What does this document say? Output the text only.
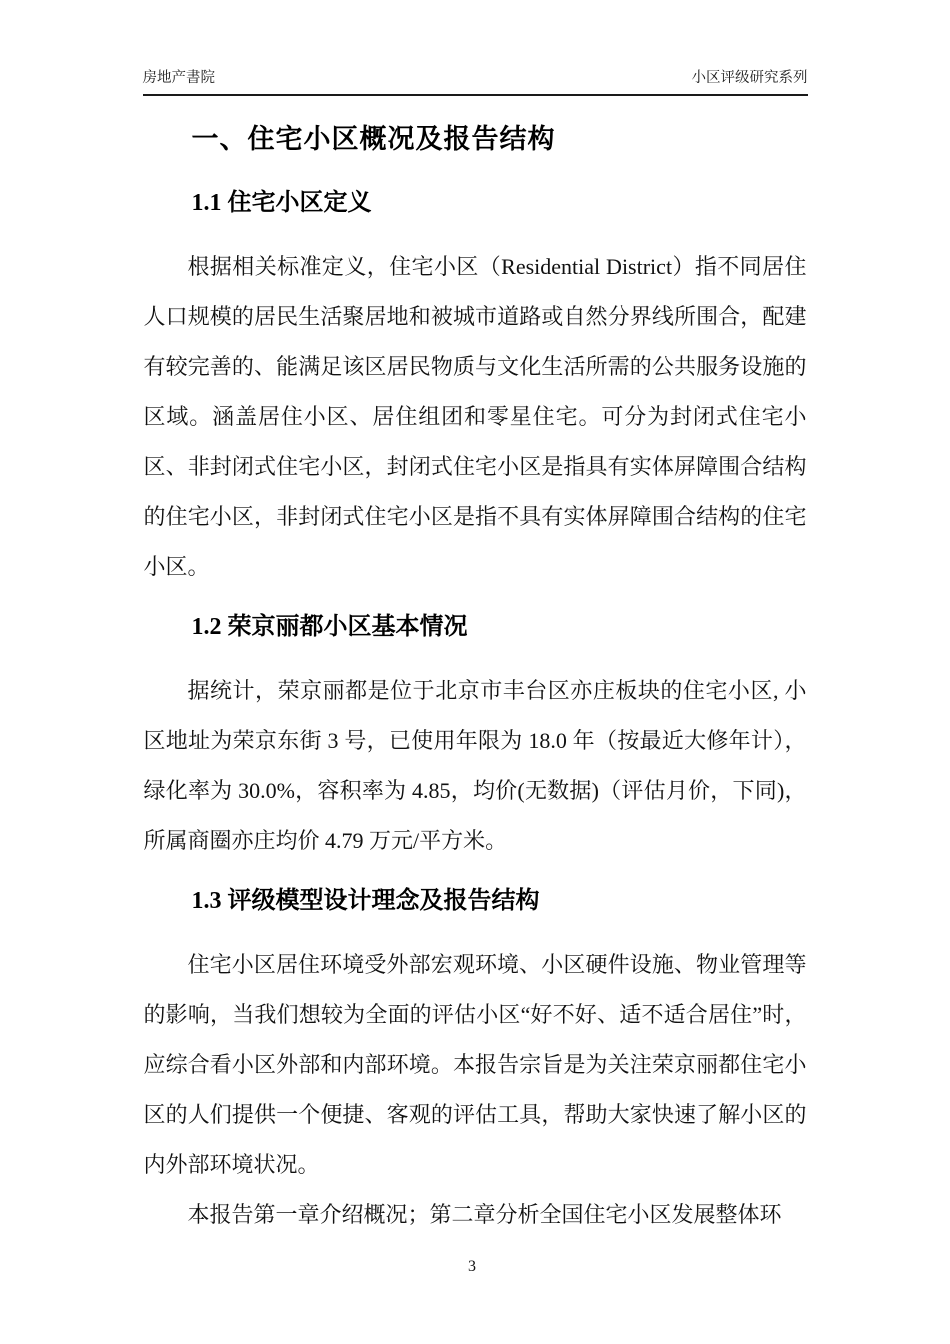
房地产書院	小区评级研究系列
一、住宅小区概况及报告结构
1.1 住宅小区定义

根据相关标准定义，住宅小区（Residential District）指不同居住人口规模的居民生活聚居地和被城市道路或自然分界线所围合，配建有较完善的、能满足该区居民物质与文化生活所需的公共服务设施的区域。涵盖居住小区、居住组团和零星住宅。可分为封闭式住宅小区、非封闭式住宅小区，封闭式住宅小区是指具有实体屏障围合结构的住宅小区，非封闭式住宅小区是指不具有实体屏障围合结构的住宅小区。

1.2 荣京丽都小区基本情况

据统计，荣京丽都是位于北京市丰台区亦庄板块的住宅小区, 小区地址为荣京东街 3 号，已使用年限为 18.0 年（按最近大修年计），绿化率为 30.0%，容积率为 4.85，均价(无数据)（评估月价，下同)，所属商圈亦庄均价 4.79 万元/平方米。

1.3 评级模型设计理念及报告结构

住宅小区居住环境受外部宏观环境、小区硬件设施、物业管理等的影响，当我们想较为全面的评估小区“好不好、适不适合居住”时，应综合看小区外部和内部环境。本报告宗旨是为关注荣京丽都住宅小区的人们提供一个便捷、客观的评估工具，帮助大家快速了解小区的内外部环境状况。

本报告第一章介绍概况；第二章分析全国住宅小区发展整体环

3
